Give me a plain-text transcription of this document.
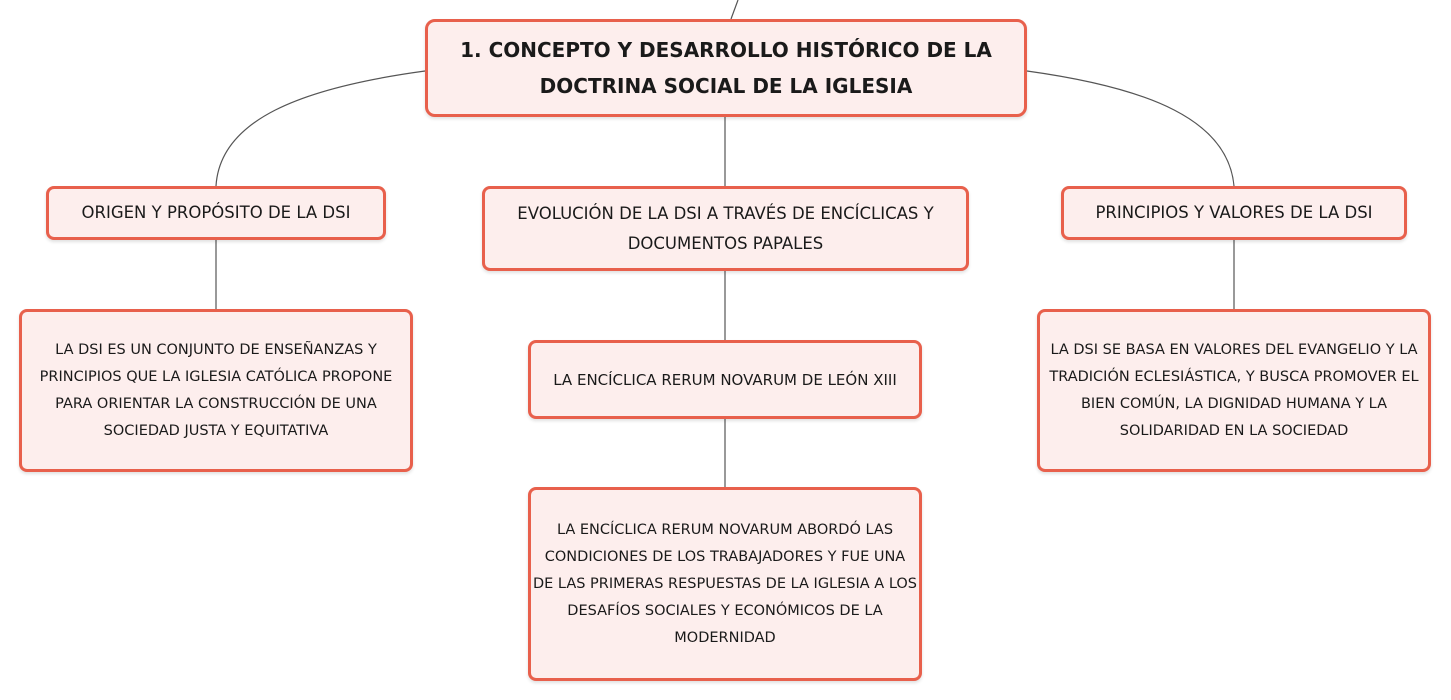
1. CONCEPTO Y DESARROLLO HISTÓRICO DE LA DOCTRINA SOCIAL DE LA IGLESIA
ORIGEN Y PROPÓSITO DE LA DSI	EVOLUCIÓN DE LA DSI A TRAVÉS DE ENCÍCLICAS Y DOCUMENTOS PAPALES
PRINCIPIOS Y VALORES DE LA DSI
LA DSI ES UN CONJUNTO DE ENSEÑANZAS Y PRINCIPIOS QUE LA IGLESIA CATÓLICA PROPONE PARA ORIENTAR LA CONSTRUCCIÓN DE UNA SOCIEDAD JUSTA Y EQUITATIVA
LA ENCÍCLICA RERUM NOVARUM DE LEÓN XIII
LA ENCÍCLICA RERUM NOVARUM ABORDÓ LAS CONDICIONES DE LOS TRABAJADORES Y FUE UNA DE LAS PRIMERAS RESPUESTAS DE LA IGLESIA A LOS DESAFÍOS SOCIALES Y ECONÓMICOS DE LA MODERNIDAD
LA DSI SE BASA EN VALORES DEL EVANGELIO Y LA TRADICIÓN ECLESIÁSTICA, Y BUSCA PROMOVER EL BIEN COMÚN, LA DIGNIDAD HUMANA Y LA SOLIDARIDAD EN LA SOCIEDAD
